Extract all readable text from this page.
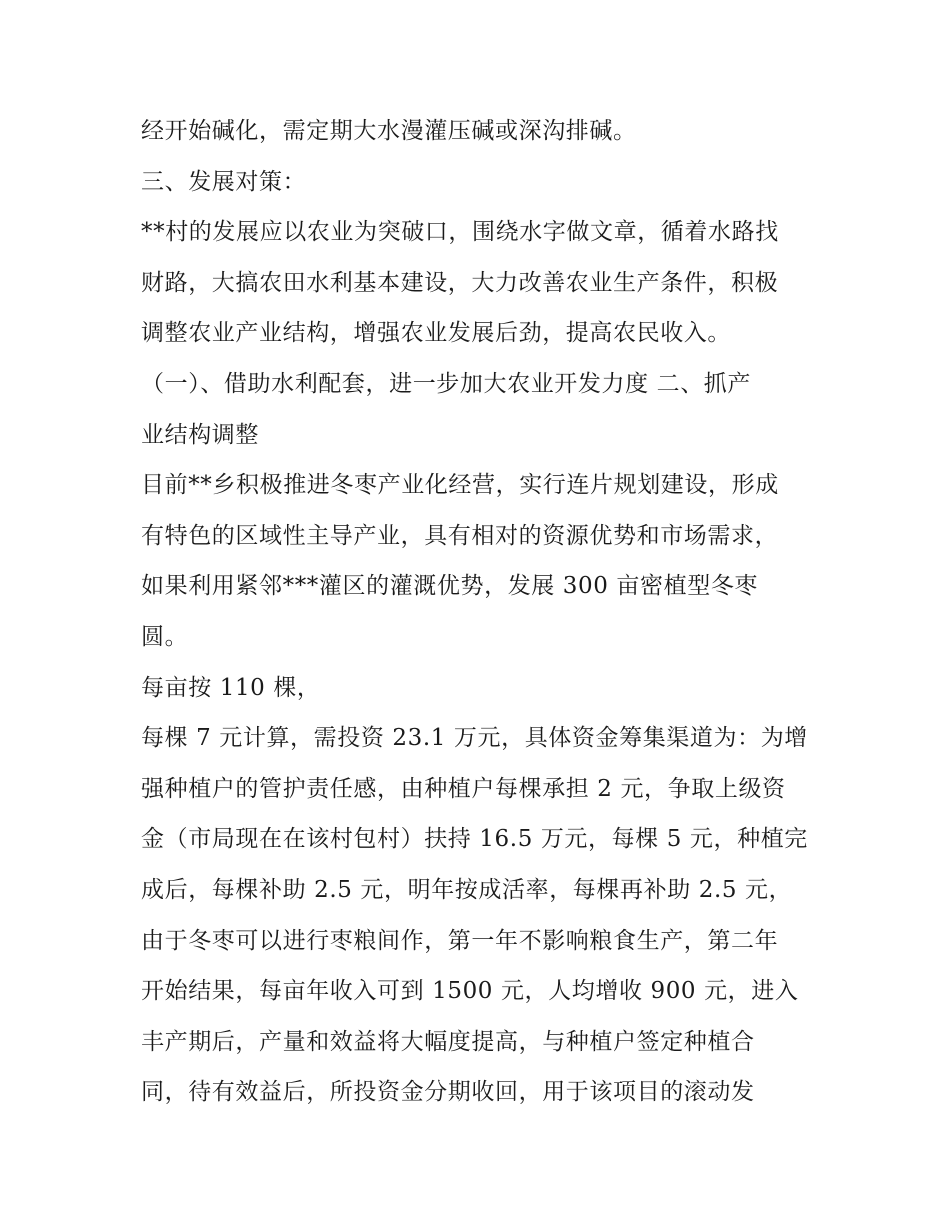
经开始碱化，需定期大水漫灌压碱或深沟排碱。
三、发展对策：
**村的发展应以农业为突破口，围绕水字做文章，循着水路找
财路，大搞农田水利基本建设，大力改善农业生产条件，积极
调整农业产业结构，增强农业发展后劲，提高农民收入。
（一）、借助水利配套，进一步加大农业开发力度 二、抓产
业结构调整
目前**乡积极推进冬枣产业化经营，实行连片规划建设，形成
有特色的区域性主导产业，具有相对的资源优势和市场需求，
如果利用紧邻***灌区的灌溉优势，发展 300 亩密植型冬枣
圆。
每亩按 110 棵，
每棵 7 元计算，需投资 23.1 万元，具体资金筹集渠道为：为增
强种植户的管护责任感，由种植户每棵承担 2 元，争取上级资
金（市局现在在该村包村）扶持 16.5 万元，每棵 5 元，种植完
成后，每棵补助 2.5 元，明年按成活率，每棵再补助 2.5 元，
由于冬枣可以进行枣粮间作，第一年不影响粮食生产，第二年
开始结果，每亩年收入可到 1500 元，人均增收 900 元，进入
丰产期后，产量和效益将大幅度提高，与种植户签定种植合
同，待有效益后，所投资金分期收回，用于该项目的滚动发
